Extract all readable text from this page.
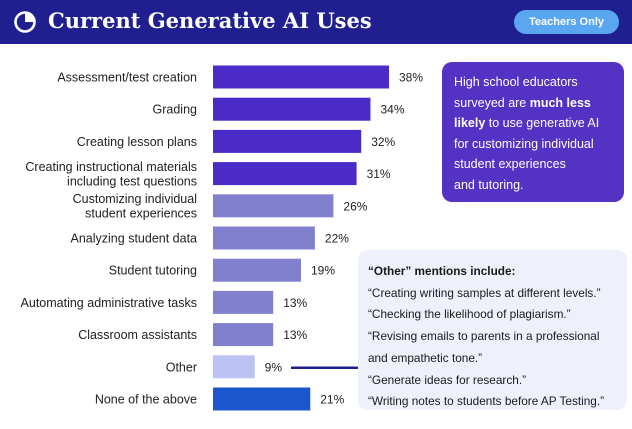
Current Generative AI Uses	Teachers Only
Assessment/test creation	38%
Grading	34%
Creating lesson plans	32%
Creating instructional materials
including test questions
31%
Customizing individual
student experiences
26%
Analyzing student data	22%
Student tutoring	19%
Automating administrative tasks	13%
Classroom assistants	13%
Other	9%
None of the above	21%
High school educators
surveyed are much less
likely to use generative AI
for customizing individual
student experiences
and tutoring.
“Other” mentions include:
“Creating writing samples at different levels.”
“Checking the likelihood of plagiarism.”
“Revising emails to parents in a professional
and empathetic tone.”
“Generate ideas for research.”
“Writing notes to students before AP Testing.”
